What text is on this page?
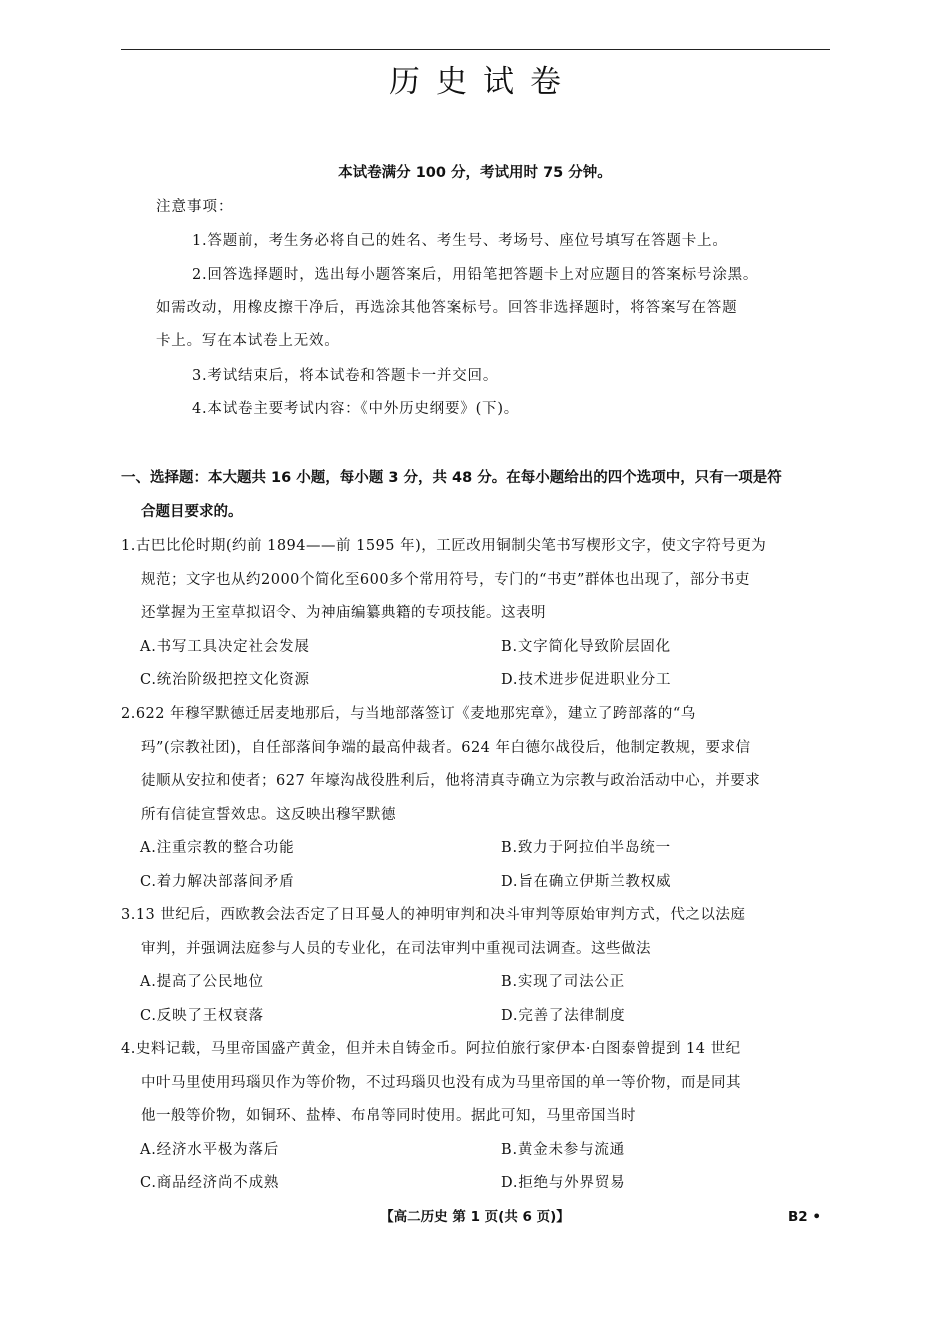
历史试卷
本试卷满分 100 分，考试用时 75 分钟。
注意事项：
1.答题前，考生务必将自己的姓名、考生号、考场号、座位号填写在答题卡上。
2.回答选择题时，选出每小题答案后，用铅笔把答题卡上对应题目的答案标号涂黑。
如需改动，用橡皮擦干净后，再选涂其他答案标号。回答非选择题时，将答案写在答题
卡上。写在本试卷上无效。
3.考试结束后，将本试卷和答题卡一并交回。
4.本试卷主要考试内容：《中外历史纲要》(下)。
一、选择题：本大题共 16 小题，每小题 3 分，共 48 分。在每小题给出的四个选项中，只有一项是符
合题目要求的。
1.古巴比伦时期(约前 1894——前 1595 年)，工匠改用铜制尖笔书写楔形文字，使文字符号更为
规范；文字也从约2000个简化至600多个常用符号，专门的“书吏”群体也出现了，部分书吏
还掌握为王室草拟诏令、为神庙编纂典籍的专项技能。这表明
A.书写工具决定社会发展	B.文字简化导致阶层固化
C.统治阶级把控文化资源	D.技术进步促进职业分工
2.622 年穆罕默德迁居麦地那后，与当地部落签订《麦地那宪章》，建立了跨部落的“乌
玛”(宗教社团)，自任部落间争端的最高仲裁者。624 年白德尔战役后，他制定教规，要求信
徒顺从安拉和使者；627 年壕沟战役胜利后，他将清真寺确立为宗教与政治活动中心，并要求
所有信徒宣誓效忠。这反映出穆罕默德
A.注重宗教的整合功能	B.致力于阿拉伯半岛统一
C.着力解决部落间矛盾	D.旨在确立伊斯兰教权威
3.13 世纪后，西欧教会法否定了日耳曼人的神明审判和决斗审判等原始审判方式，代之以法庭
审判，并强调法庭参与人员的专业化，在司法审判中重视司法调查。这些做法
A.提高了公民地位	B.实现了司法公正
C.反映了王权衰落	D.完善了法律制度
4.史料记载，马里帝国盛产黄金，但并未自铸金币。阿拉伯旅行家伊本·白图泰曾提到 14 世纪
中叶马里使用玛瑙贝作为等价物，不过玛瑙贝也没有成为马里帝国的单一等价物，而是同其
他一般等价物，如铜环、盐棒、布帛等同时使用。据此可知，马里帝国当时
A.经济水平极为落后	B.黄金未参与流通
C.商品经济尚不成熟	D.拒绝与外界贸易
【高二历史 第 1 页(共 6 页)】	B2 •
